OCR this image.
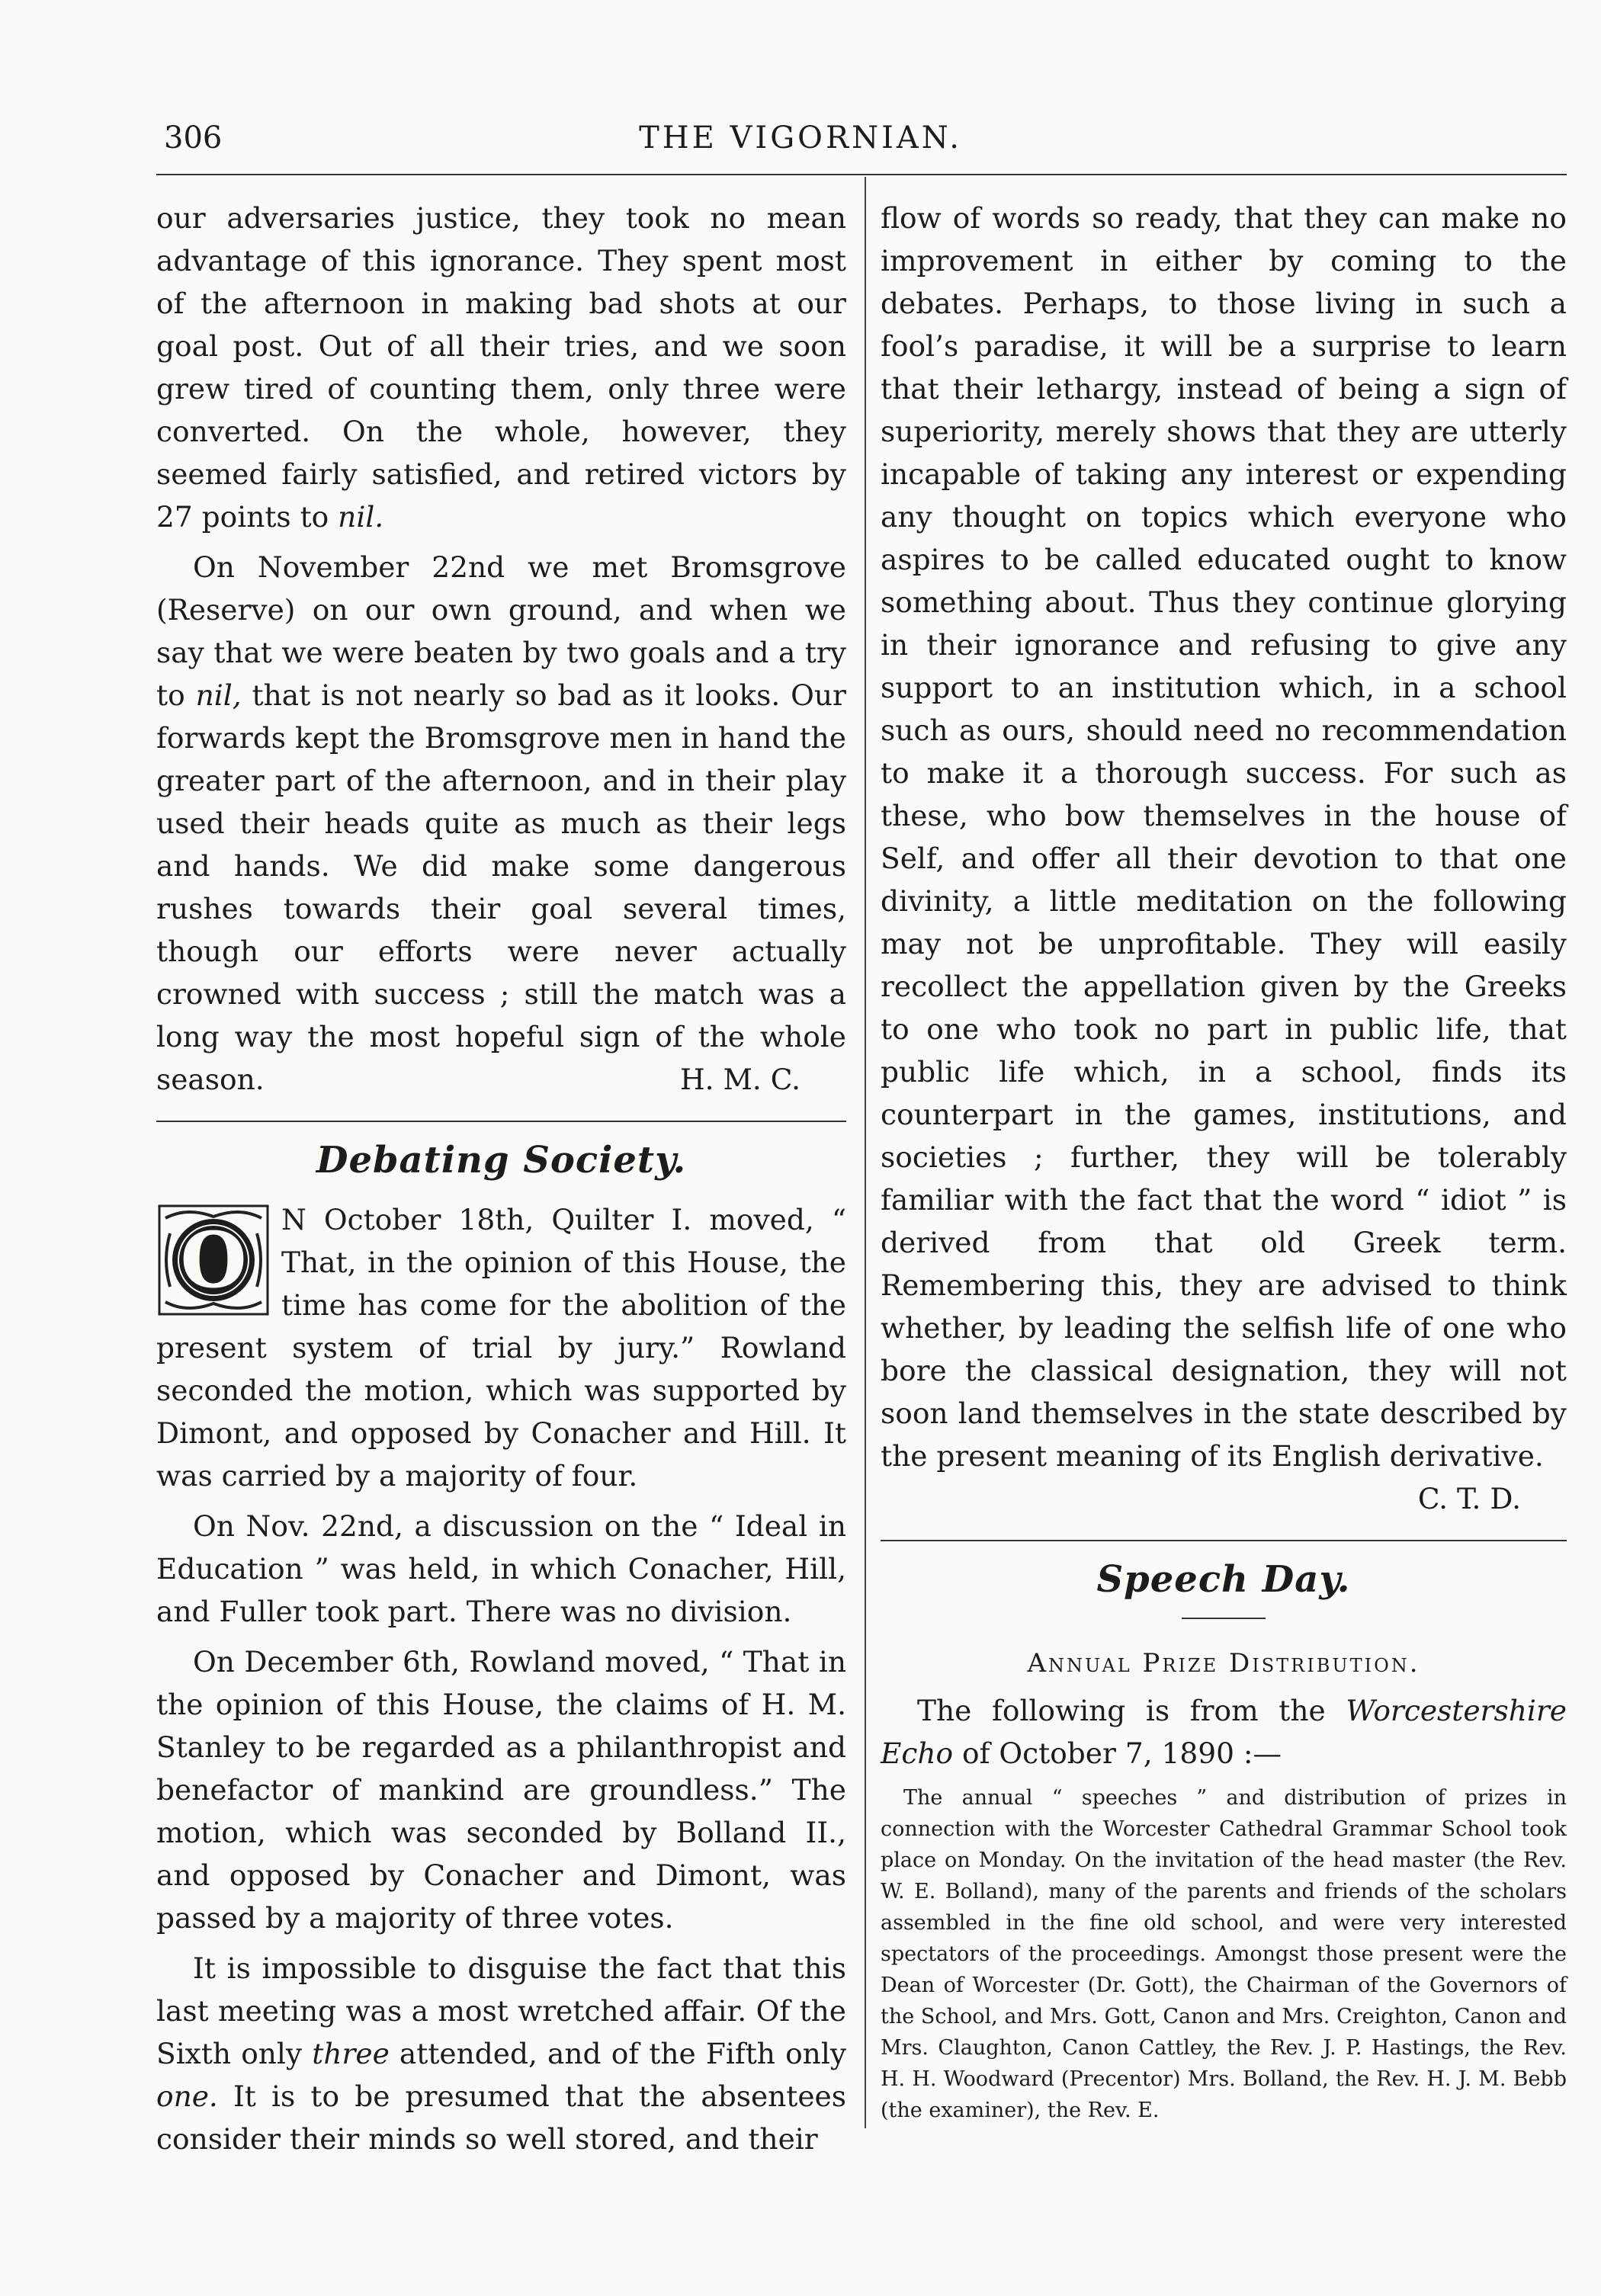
306	THE VIGORNIAN.

our adversaries justice, they took no mean advantage of this ignorance. They spent most of the afternoon in making bad shots at our goal post. Out of all their tries, and we soon grew tired of counting them, only three were converted. On the whole, however, they seemed fairly satisfied, and retired victors by 27 points to nil.

On November 22nd we met Bromsgrove (Reserve) on our own ground, and when we say that we were beaten by two goals and a try to nil, that is not nearly so bad as it looks. Our forwards kept the Bromsgrove men in hand the greater part of the afternoon, and in their play used their heads quite as much as their legs and hands. We did make some dangerous rushes towards their goal several times, though our efforts were never actually crowned with success ; still the match was a long way the most hopeful sign of the whole season.	H. M. C.

Debating Society.

O	N October 18th, Quilter I. moved, “ That, in the opinion of this House, the time has come for the abolition of the present system of trial by jury.” Rowland seconded the motion, which was supported by Dimont, and opposed by Conacher and Hill. It was carried by a majority of four.

On Nov. 22nd, a discussion on the “ Ideal in Education ” was held, in which Conacher, Hill, and Fuller took part. There was no division.

On December 6th, Rowland moved, “ That in the opinion of this House, the claims of H. M. Stanley to be regarded as a philanthropist and benefactor of mankind are groundless.” The motion, which was seconded by Bolland II., and opposed by Conacher and Dimont, was passed by a majority of three votes.

It is impossible to disguise the fact that this last meeting was a most wretched affair. Of the Sixth only three attended, and of the Fifth only one. It is to be presumed that the absentees consider their minds so well stored, and their

flow of words so ready, that they can make no improvement in either by coming to the debates. Perhaps, to those living in such a fool’s paradise, it will be a surprise to learn that their lethargy, instead of being a sign of superiority, merely shows that they are utterly incapable of taking any interest or expending any thought on topics which everyone who aspires to be called educated ought to know something about. Thus they continue glorying in their ignorance and refusing to give any support to an institution which, in a school such as ours, should need no recommendation to make it a thorough success. For such as these, who bow themselves in the house of Self, and offer all their devotion to that one divinity, a little meditation on the following may not be unprofitable. They will easily recollect the appellation given by the Greeks to one who took no part in public life, that public life which, in a school, finds its counterpart in the games, institutions, and societies ; further, they will be tolerably familiar with the fact that the word “ idiot ” is derived from that old Greek term. Remembering this, they are advised to think whether, by leading the selfish life of one who bore the classical designation, they will not soon land themselves in the state described by the present meaning of its English derivative.

C. T. D.
Speech Day.
Annual Prize Distribution.

The following is from the Worcestershire Echo of October 7, 1890 :—

The annual “ speeches ” and distribution of prizes in connection with the Worcester Cathedral Grammar School took place on Monday. On the invitation of the head master (the Rev. W. E. Bolland), many of the parents and friends of the scholars assembled in the fine old school, and were very interested spectators of the proceedings. Amongst those present were the Dean of Worcester (Dr. Gott), the Chairman of the Governors of the School, and Mrs. Gott, Canon and Mrs. Creighton, Canon and Mrs. Claughton, Canon Cattley, the Rev. J. P. Hastings, the Rev. H. H. Woodward (Precentor) Mrs. Bolland, the Rev. H. J. M. Bebb (the examiner), the Rev. E.
